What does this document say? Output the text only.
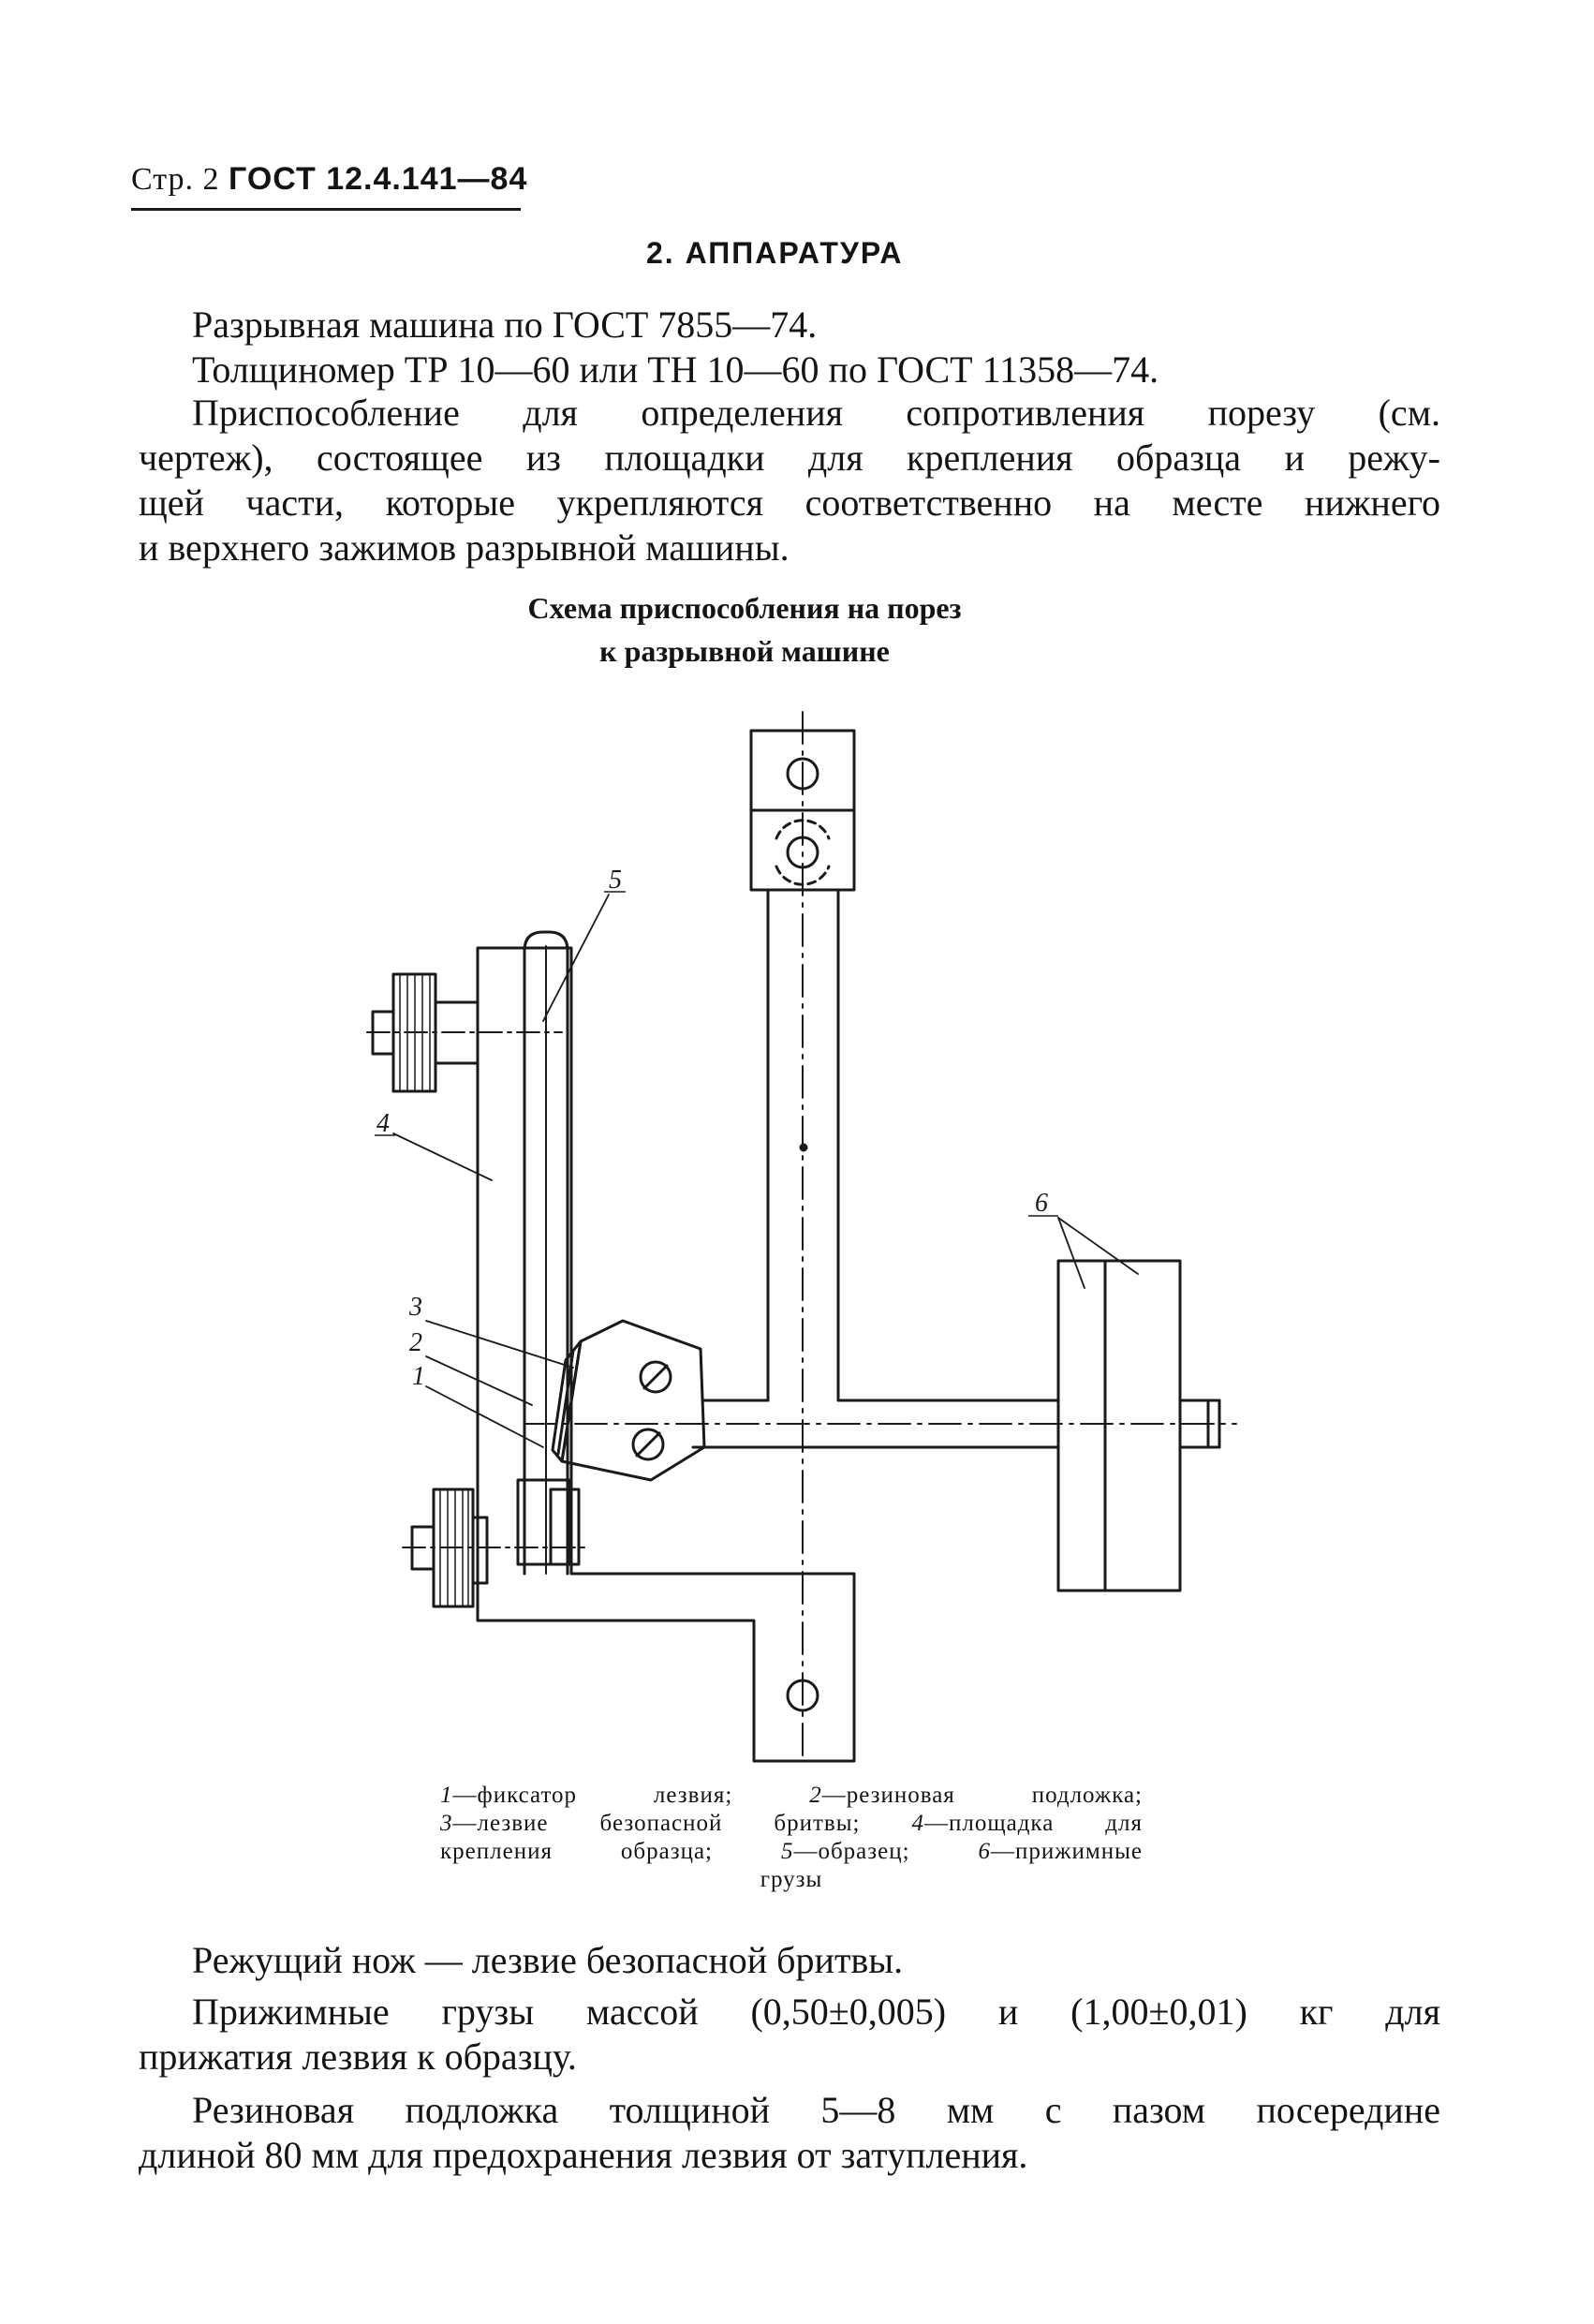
Стр. 2 ГОСТ 12.4.141—84
2. АППАРАТУРА
Разрывная машина по ГОСТ 7855—74.
Толщиномер ТР 10—60 или ТН 10—60 по ГОСТ 11358—74.
Приспособление для определения сопротивления порезу (см.
чертеж), состоящее из площадки для крепления образца и режу-
щей части, которые укрепляются соответственно на месте нижнего
и верхнего зажимов разрывной машины.
Схема приспособления на порез
к разрывной машине
5
4
3
2
1
6
1—фиксатор лезвия;	2—резиновая подложка;
3—лезвие безопасной бритвы; 4—площадка для
крепления образца;	5—образец;	6—прижимные
грузы
Режущий нож — лезвие безопасной бритвы.
Прижимные грузы массой (0,50±0,005) и (1,00±0,01) кг для
прижатия лезвия к образцу.
Резиновая подложка толщиной 5—8 мм с пазом посередине
длиной 80 мм для предохранения лезвия от затупления.
